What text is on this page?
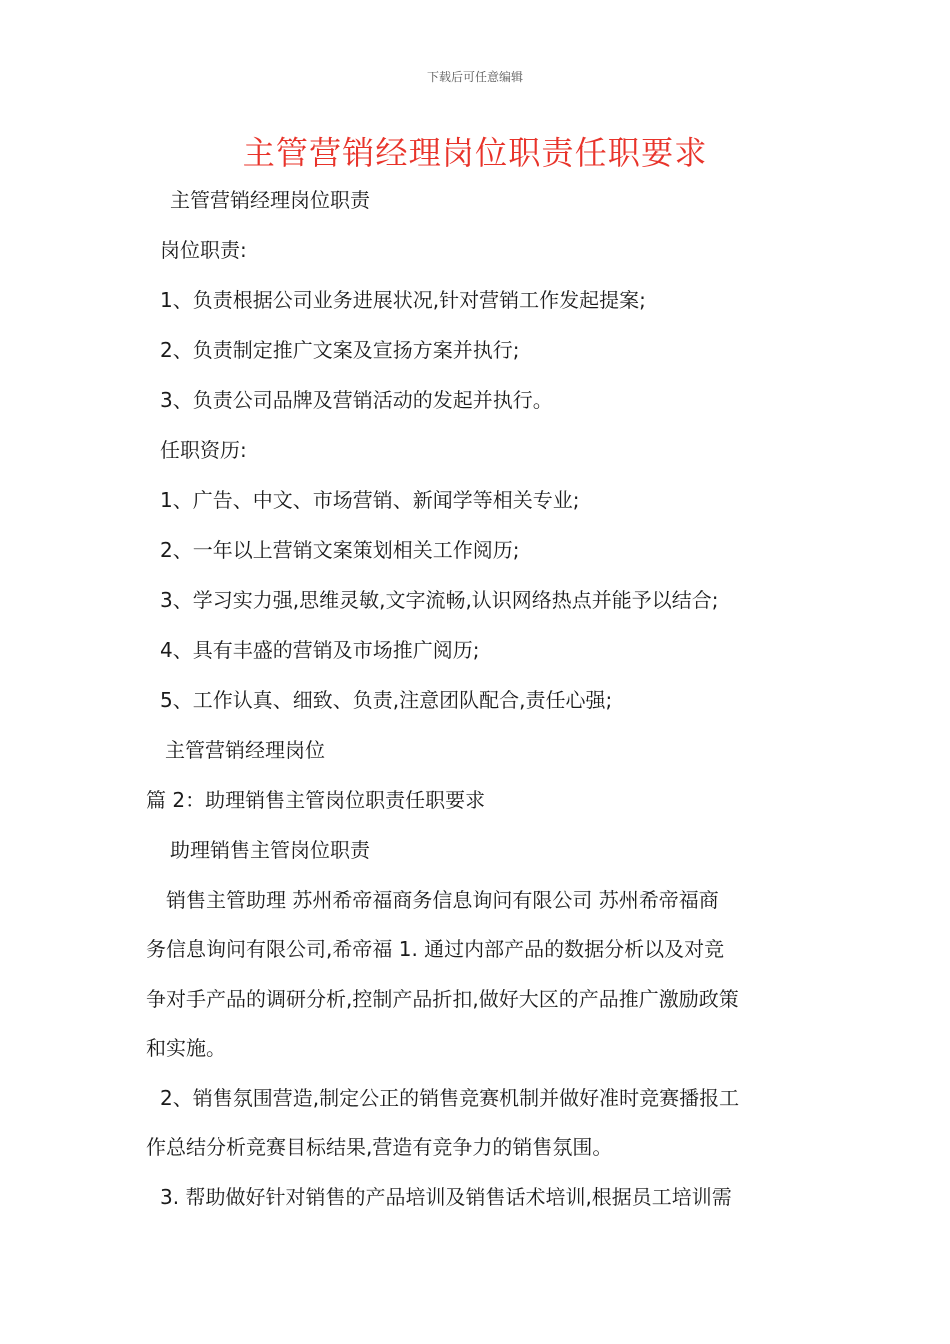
下载后可任意编辑
主管营销经理岗位职责任职要求
主管营销经理岗位职责
岗位职责:
1、负责根据公司业务进展状况,针对营销工作发起提案;
2、负责制定推广文案及宣扬方案并执行;
3、负责公司品牌及营销活动的发起并执行。
任职资历:
1、广告、中文、市场营销、新闻学等相关专业;
2、一年以上营销文案策划相关工作阅历;
3、学习实力强,思维灵敏,文字流畅,认识网络热点并能予以结合;
4、具有丰盛的营销及市场推广阅历;
5、工作认真、细致、负责,注意团队配合,责任心强;
主管营销经理岗位
篇 2：助理销售主管岗位职责任职要求
助理销售主管岗位职责
销售主管助理 苏州希帝福商务信息询问有限公司 苏州希帝福商
务信息询问有限公司,希帝福 1. 通过内部产品的数据分析以及对竞
争对手产品的调研分析,控制产品折扣,做好大区的产品推广激励政策
和实施。
2、销售氛围营造,制定公正的销售竞赛机制并做好准时竞赛播报工
作总结分析竞赛目标结果,营造有竞争力的销售氛围。
3. 帮助做好针对销售的产品培训及销售话术培训,根据员工培训需
